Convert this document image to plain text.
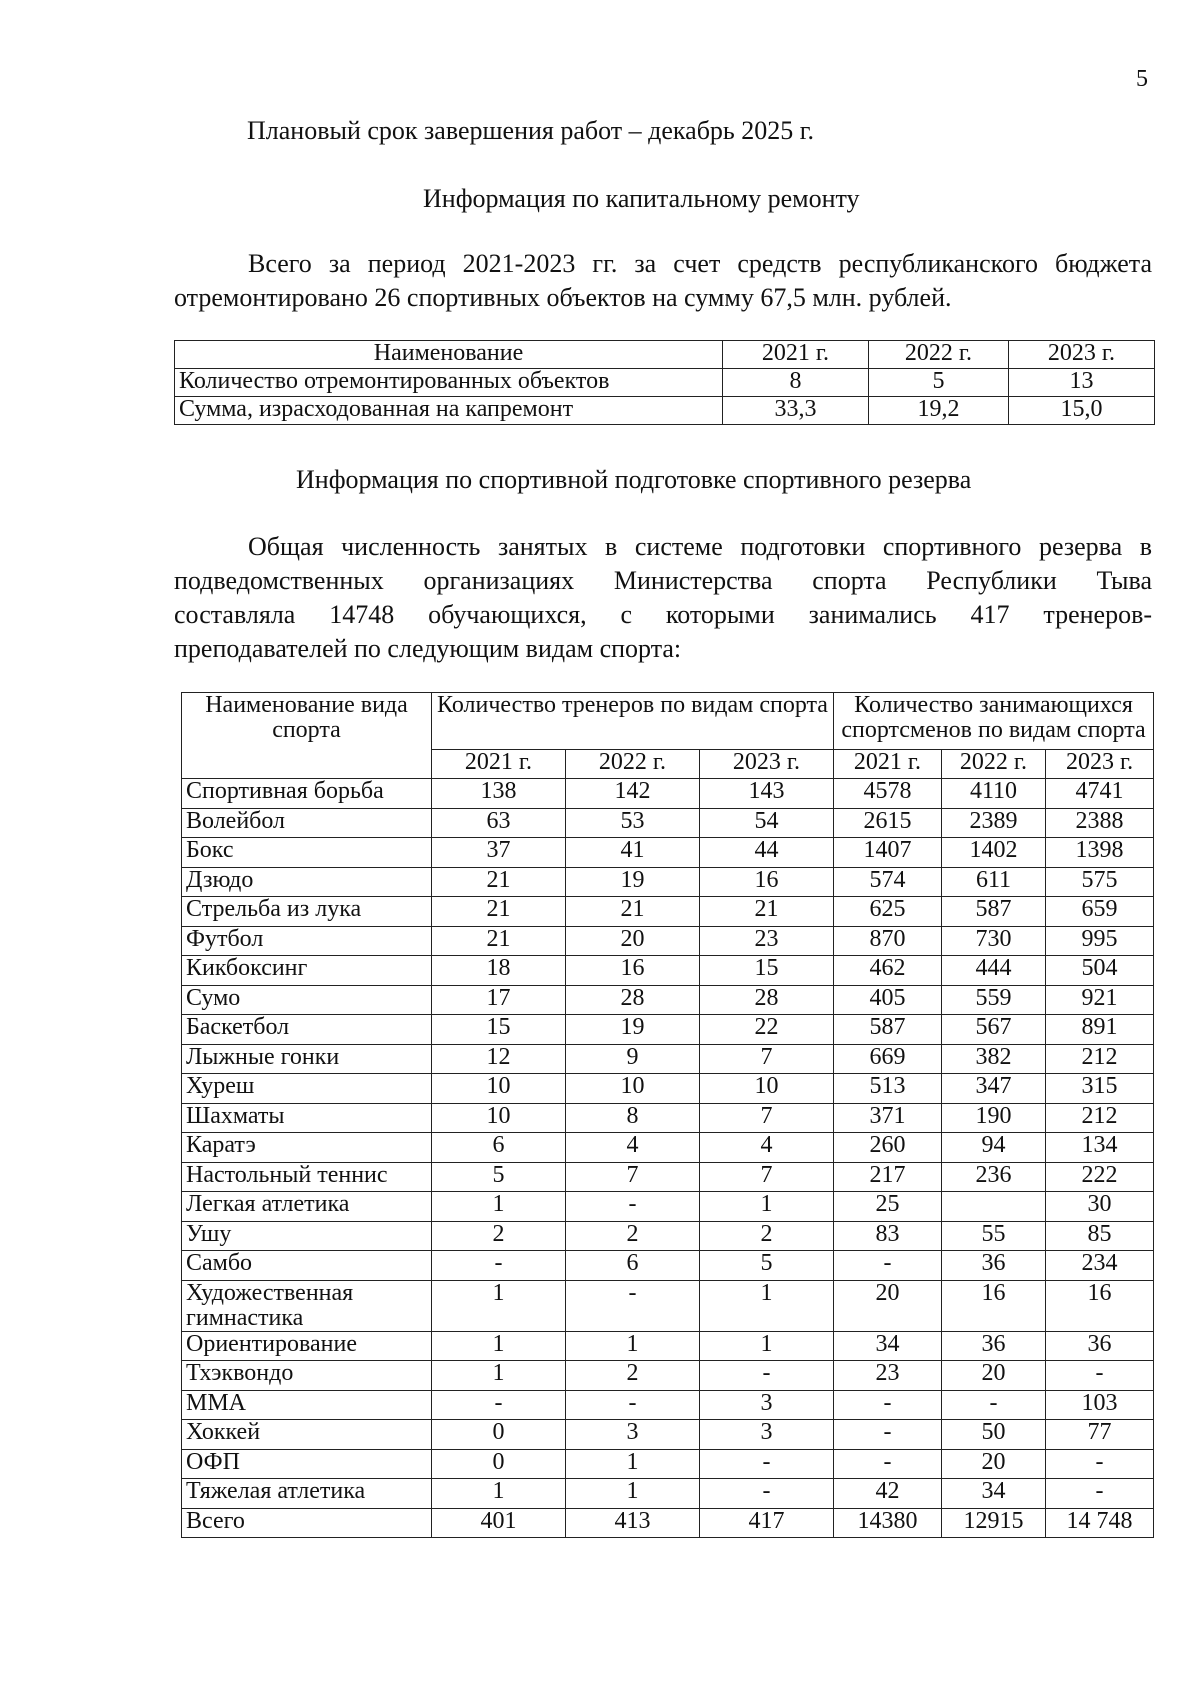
5
Плановый срок завершения работ – декабрь 2025 г.
Информация по капитальному ремонту
Всего за период 2021-2023 гг. за счет средств республиканского бюджета
отремонтировано 26 спортивных объектов на сумму 67,5 млн. рублей.
Наименование	2021 г.	2022 г.	2023 г.
Количество отремонтированных объектов	8	5	13
Сумма, израсходованная на капремонт	33,3	19,2	15,0
Информация по спортивной подготовке спортивного резерва
Общая численность занятых в системе подготовки спортивного резерва в
подведомственных организациях Министерства спорта Республики Тыва
составляла 14748 обучающихся, с которыми занимались 417 тренеров-
преподавателей по следующим видам спорта:
Наименование вида спорта	Количество тренеров по видам спорта			Количество занимающихся спортсменов по видам спорта		
	2021 г.	2022 г.	2023 г.	2021 г.	2022 г.	2023 г.
Спортивная борьба	138	142	143	4578	4110	4741
Волейбол	63	53	54	2615	2389	2388
Бокс	37	41	44	1407	1402	1398
Дзюдо	21	19	16	574	611	575
Стрельба из лука	21	21	21	625	587	659
Футбол	21	20	23	870	730	995
Кикбоксинг	18	16	15	462	444	504
Сумо	17	28	28	405	559	921
Баскетбол	15	19	22	587	567	891
Лыжные гонки	12	9	7	669	382	212
Хуреш	10	10	10	513	347	315
Шахматы	10	8	7	371	190	212
Каратэ	6	4	4	260	94	134
Настольный теннис	5	7	7	217	236	222
Легкая атлетика	1	-	1	25		30
Ушу	2	2	2	83	55	85
Самбо	-	6	5	-	36	234
Художественная гимнастика	1	-	1	20	16	16
Ориентирование	1	1	1	34	36	36
Тхэквондо	1	2	-	23	20	-
ММА	-	-	3	-	-	103
Хоккей	0	3	3	-	50	77
ОФП	0	1	-	-	20	-
Тяжелая атлетика	1	1	-	42	34	-
Всего	401	413	417	14380	12915	14 748
